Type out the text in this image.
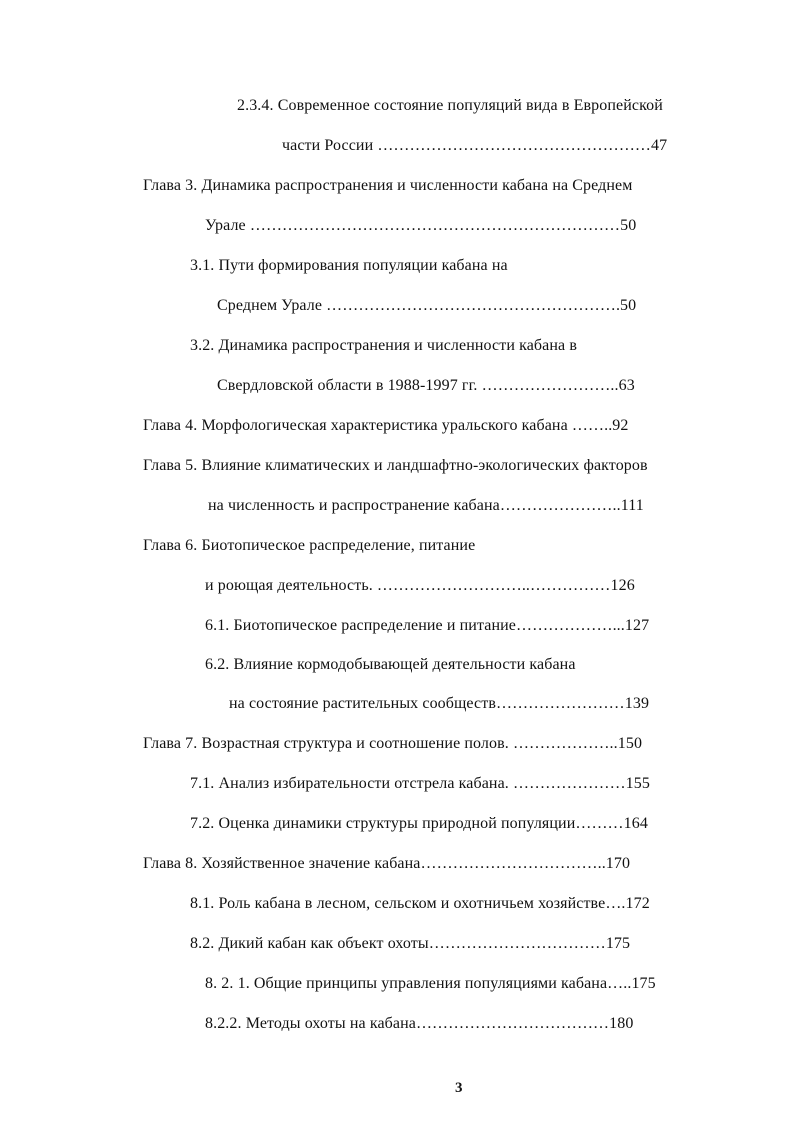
2.3.4. Современное состояние популяций вида в Европейской
части России ……………………………………………47
Глава 3. Динамика распространения и численности кабана на Среднем
Урале ……………………………………………………………50
3.1. Пути формирования популяции кабана на
Среднем Урале ……………………………………………….50
3.2. Динамика распространения и численности кабана в
Свердловской области в 1988-1997 гг. ……………………..63
Глава 4. Морфологическая характеристика уральского кабана ……..92
Глава 5. Влияние климатических и ландшафтно-экологических факторов
на численность и распространение кабана…………………..111
Глава 6. Биотопическое распределение, питание
и роющая деятельность. ………………………..……………126
6.1. Биотопическое распределение и питание………………...127
6.2. Влияние кормодобывающей деятельности кабана
на состояние растительных сообществ……………………139
Глава 7. Возрастная структура и соотношение полов. ………………..150
7.1. Анализ избирательности отстрела кабана. …………………155
7.2. Оценка динамики структуры природной популяции………164
Глава 8. Хозяйственное значение кабана……………………………..170
8.1. Роль кабана в лесном, сельском и охотничьем хозяйстве….172
8.2. Дикий кабан как объект охоты……………………………175
8. 2. 1. Общие принципы управления популяциями кабана…..175
8.2.2. Методы охоты на кабана………………………………180
3
